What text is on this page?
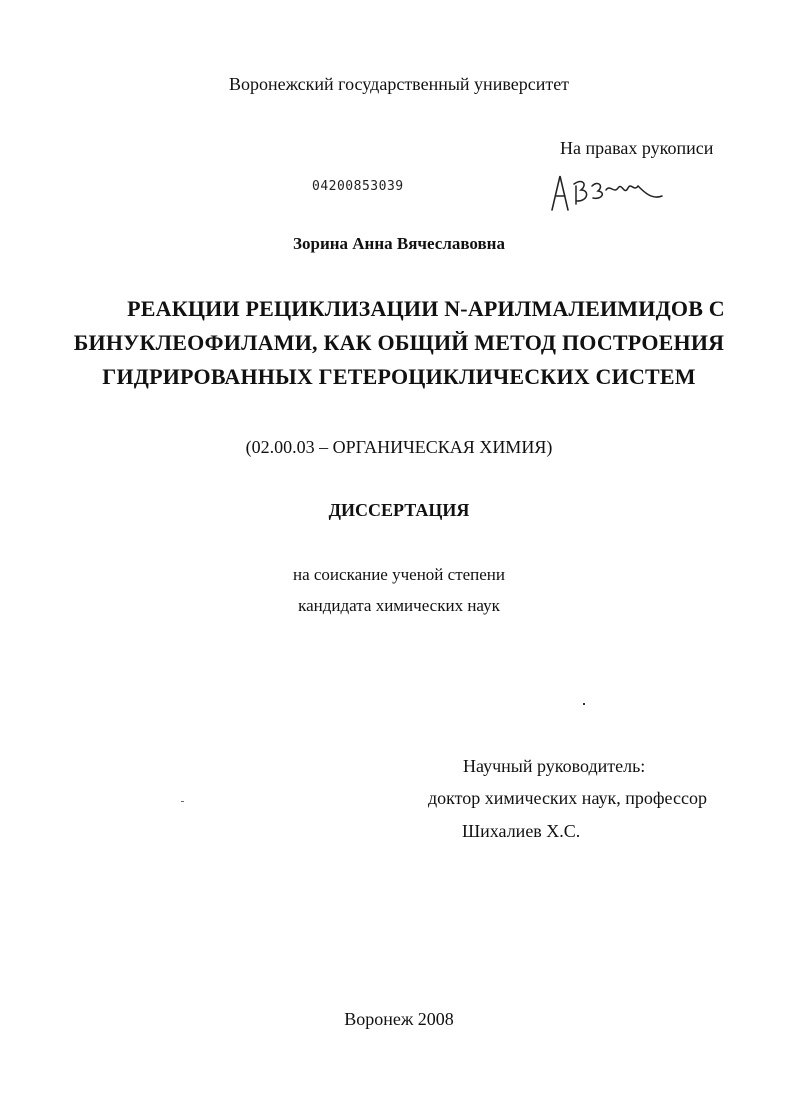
Воронежский государственный университет
На правах рукописи
04200853039
Зорина Анна Вячеславовна
РЕАКЦИИ РЕЦИКЛИЗАЦИИ N-АРИЛМАЛЕИМИДОВ С
БИНУКЛЕОФИЛАМИ, КАК ОБЩИЙ МЕТОД ПОСТРОЕНИЯ
ГИДРИРОВАННЫХ ГЕТЕРОЦИКЛИЧЕСКИХ СИСТЕМ
(02.00.03 – ОРГАНИЧЕСКАЯ ХИМИЯ)
ДИССЕРТАЦИЯ
на соискание ученой степени
кандидата химических наук
Научный руководитель:
доктор химических наук, профессор
Шихалиев Х.С.
Воронеж 2008
